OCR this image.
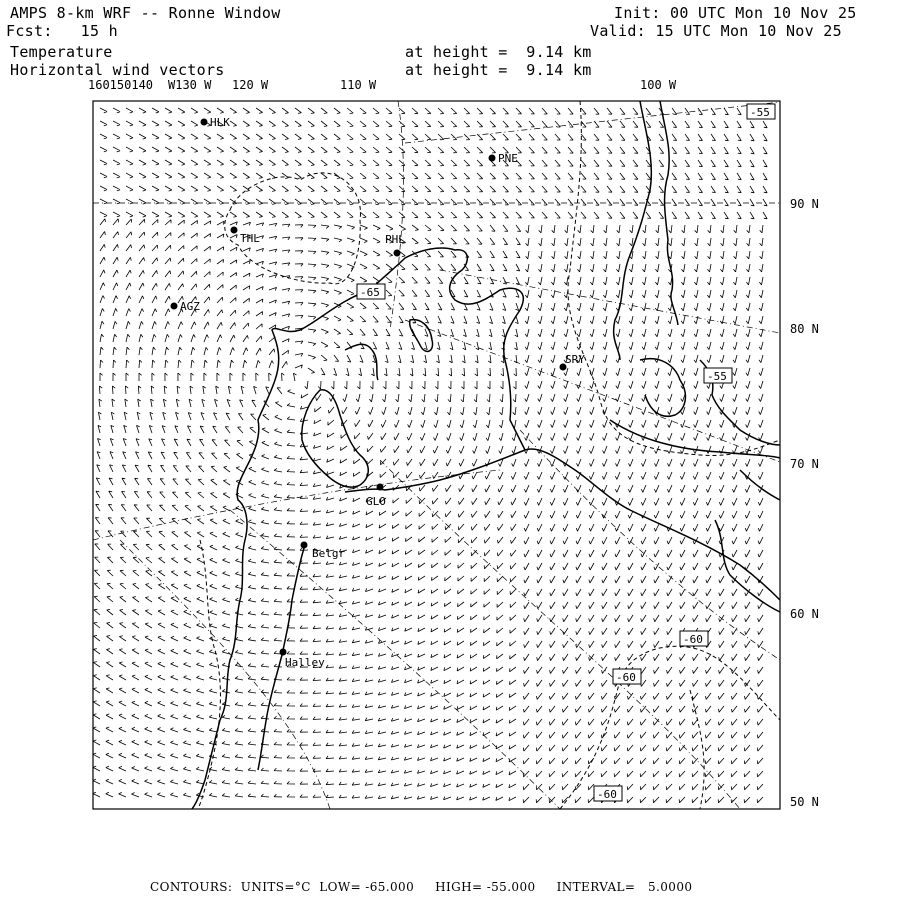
AMPS 8-km WRF -- Ronne Window
Fcst:   15 h
Temperature
Horizontal wind vectors
Init: 00 UTC Mon 10 Nov 25
Valid: 15 UTC Mon 10 Nov 25
at height =  9.14 km
at height =  9.14 km
160150140 W130 W 120 W	110 W	100 W
90 N
80 N
70 N
60 N
50 N
HLK
PNE
THL	PHL
AGZ
SRY
GLO
Belgr
Halley
-65
-55
-55
-60
-60
-60
CONTOURS:  UNITS=°C  LOW= -65.000     HIGH= -55.000     INTERVAL=   5.0000
